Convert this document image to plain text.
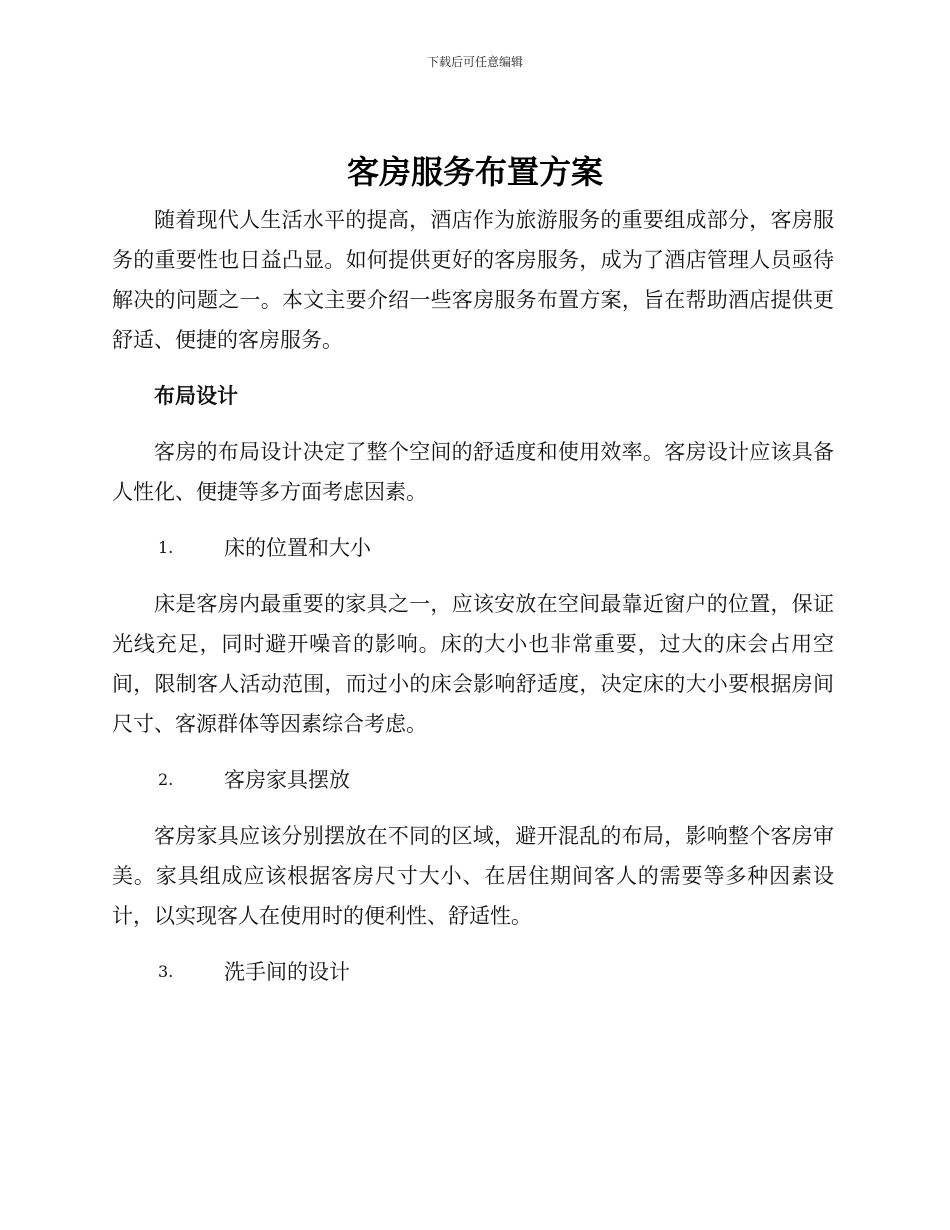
下载后可任意编辑
客房服务布置方案

随着现代人生活水平的提高，酒店作为旅游服务的重要组成部分，客房服务的重要性也日益凸显。如何提供更好的客房服务，成为了酒店管理人员亟待解决的问题之一。本文主要介绍一些客房服务布置方案，旨在帮助酒店提供更舒适、便捷的客房服务。

布局设计

客房的布局设计决定了整个空间的舒适度和使用效率。客房设计应该具备人性化、便捷等多方面考虑因素。

1.	床的位置和大小

床是客房内最重要的家具之一，应该安放在空间最靠近窗户的位置，保证光线充足，同时避开噪音的影响。床的大小也非常重要，过大的床会占用空间，限制客人活动范围，而过小的床会影响舒适度，决定床的大小要根据房间尺寸、客源群体等因素综合考虑。

2.	客房家具摆放

客房家具应该分别摆放在不同的区域，避开混乱的布局，影响整个客房审美。家具组成应该根据客房尺寸大小、在居住期间客人的需要等多种因素设计，以实现客人在使用时的便利性、舒适性。

3.	洗手间的设计
